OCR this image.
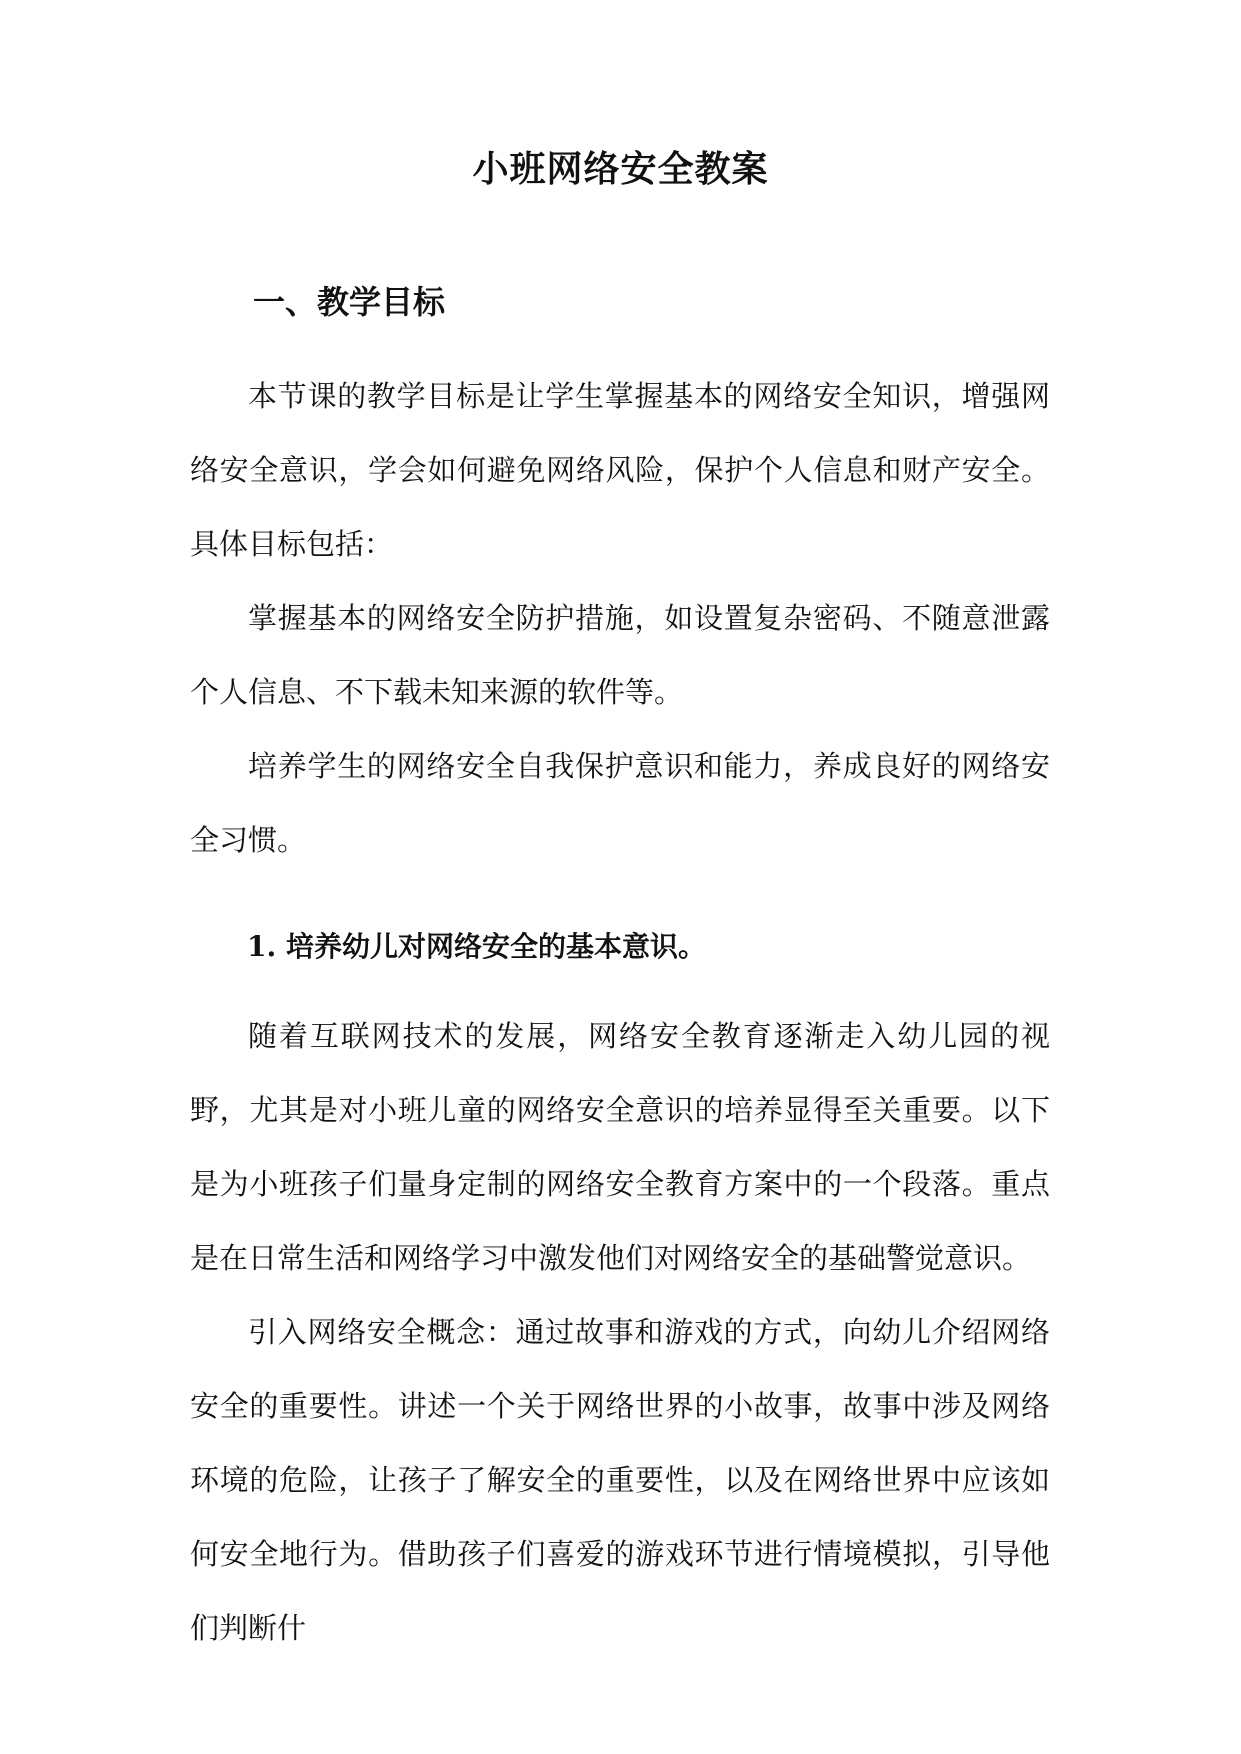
小班网络安全教案
一、教学目标

本节课的教学目标是让学生掌握基本的网络安全知识，增强网络安全意识，学会如何避免网络风险，保护个人信息和财产安全。具体目标包括：

掌握基本的网络安全防护措施，如设置复杂密码、不随意泄露个人信息、不下载未知来源的软件等。

培养学生的网络安全自我保护意识和能力，养成良好的网络安全习惯。

1. 培养幼儿对网络安全的基本意识。

随着互联网技术的发展，网络安全教育逐渐走入幼儿园的视野，尤其是对小班儿童的网络安全意识的培养显得至关重要。以下是为小班孩子们量身定制的网络安全教育方案中的一个段落。重点是在日常生活和网络学习中激发他们对网络安全的基础警觉意识。

引入网络安全概念：通过故事和游戏的方式，向幼儿介绍网络安全的重要性。讲述一个关于网络世界的小故事，故事中涉及网络环境的危险，让孩子了解安全的重要性，以及在网络世界中应该如何安全地行为。借助孩子们喜爱的游戏环节进行情境模拟，引导他们判断什
